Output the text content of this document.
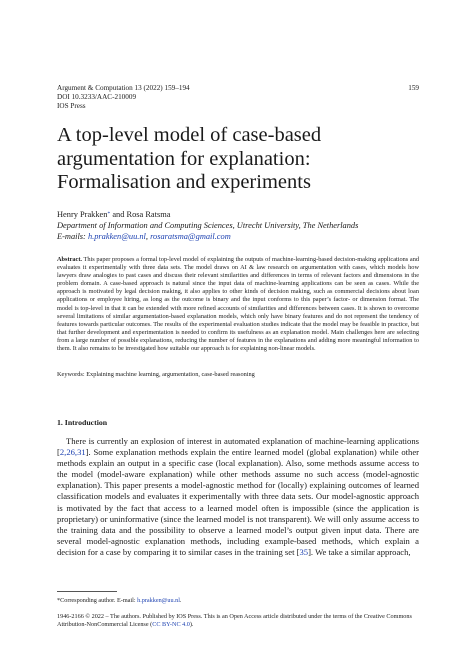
Argument & Computation 13 (2022) 159–194
DOI 10.3233/AAC-210009
IOS Press
159
A top-level model of case-based argumentation for explanation: Formalisation and experiments
Henry Prakken* and Rosa Ratsma
Department of Information and Computing Sciences, Utrecht University, The Netherlands
E-mails: h.prakken@uu.nl, rosaratsma@gmail.com
Abstract. This paper proposes a formal top-level model of explaining the outputs of machine-learning-based decision-making applications and evaluates it experimentally with three data sets. The model draws on AI & law research on argumentation with cases, which models how lawyers draw analogies to past cases and discuss their relevant similarities and differences in terms of relevant factors and dimensions in the problem domain. A case-based approach is natural since the input data of machine-learning applications can be seen as cases. While the approach is motivated by legal decision making, it also applies to other kinds of decision making, such as commercial decisions about loan applications or employee hiring, as long as the outcome is binary and the input conforms to this paper’s factor- or dimension format. The model is top-level in that it can be extended with more refined accounts of similarities and differences between cases. It is shown to overcome several limitations of similar argumentation-based explanation models, which only have binary features and do not represent the tendency of features towards particular outcomes. The results of the experimental evaluation studies indicate that the model may be feasible in practice, but that further development and experimentation is needed to confirm its usefulness as an explanation model. Main challenges here are selecting from a large number of possible explanations, reducing the number of features in the explanations and adding more meaningful information to them. It also remains to be investigated how suitable our approach is for explaining non-linear models.
Keywords: Explaining machine learning, argumentation, case-based reasoning
1. Introduction

There is currently an explosion of interest in automated explanation of machine-learning applications [2,26,31]. Some explanation methods explain the entire learned model (global explanation) while other methods explain an output in a specific case (local explanation). Also, some methods assume access to the model (model-aware explanation) while other methods assume no such access (model-agnostic explanation). This paper presents a model-agnostic method for (locally) explaining outcomes of learned classification models and evaluates it experimentally with three data sets. Our model-agnostic approach is motivated by the fact that access to a learned model often is impossible (since the application is proprietary) or uninformative (since the learned model is not transparent). We will only assume access to the training data and the possibility to observe a learned model’s output given input data. There are several model-agnostic explanation methods, including example-based methods, which explain a decision for a case by comparing it to similar cases in the training set [35]. We take a similar approach,

*Corresponding author. E-mail: h.prakken@uu.nl.
1946-2166 © 2022 – The authors. Published by IOS Press. This is an Open Access article distributed under the terms of the Creative Commons Attribution-NonCommercial License (CC BY-NC 4.0).
